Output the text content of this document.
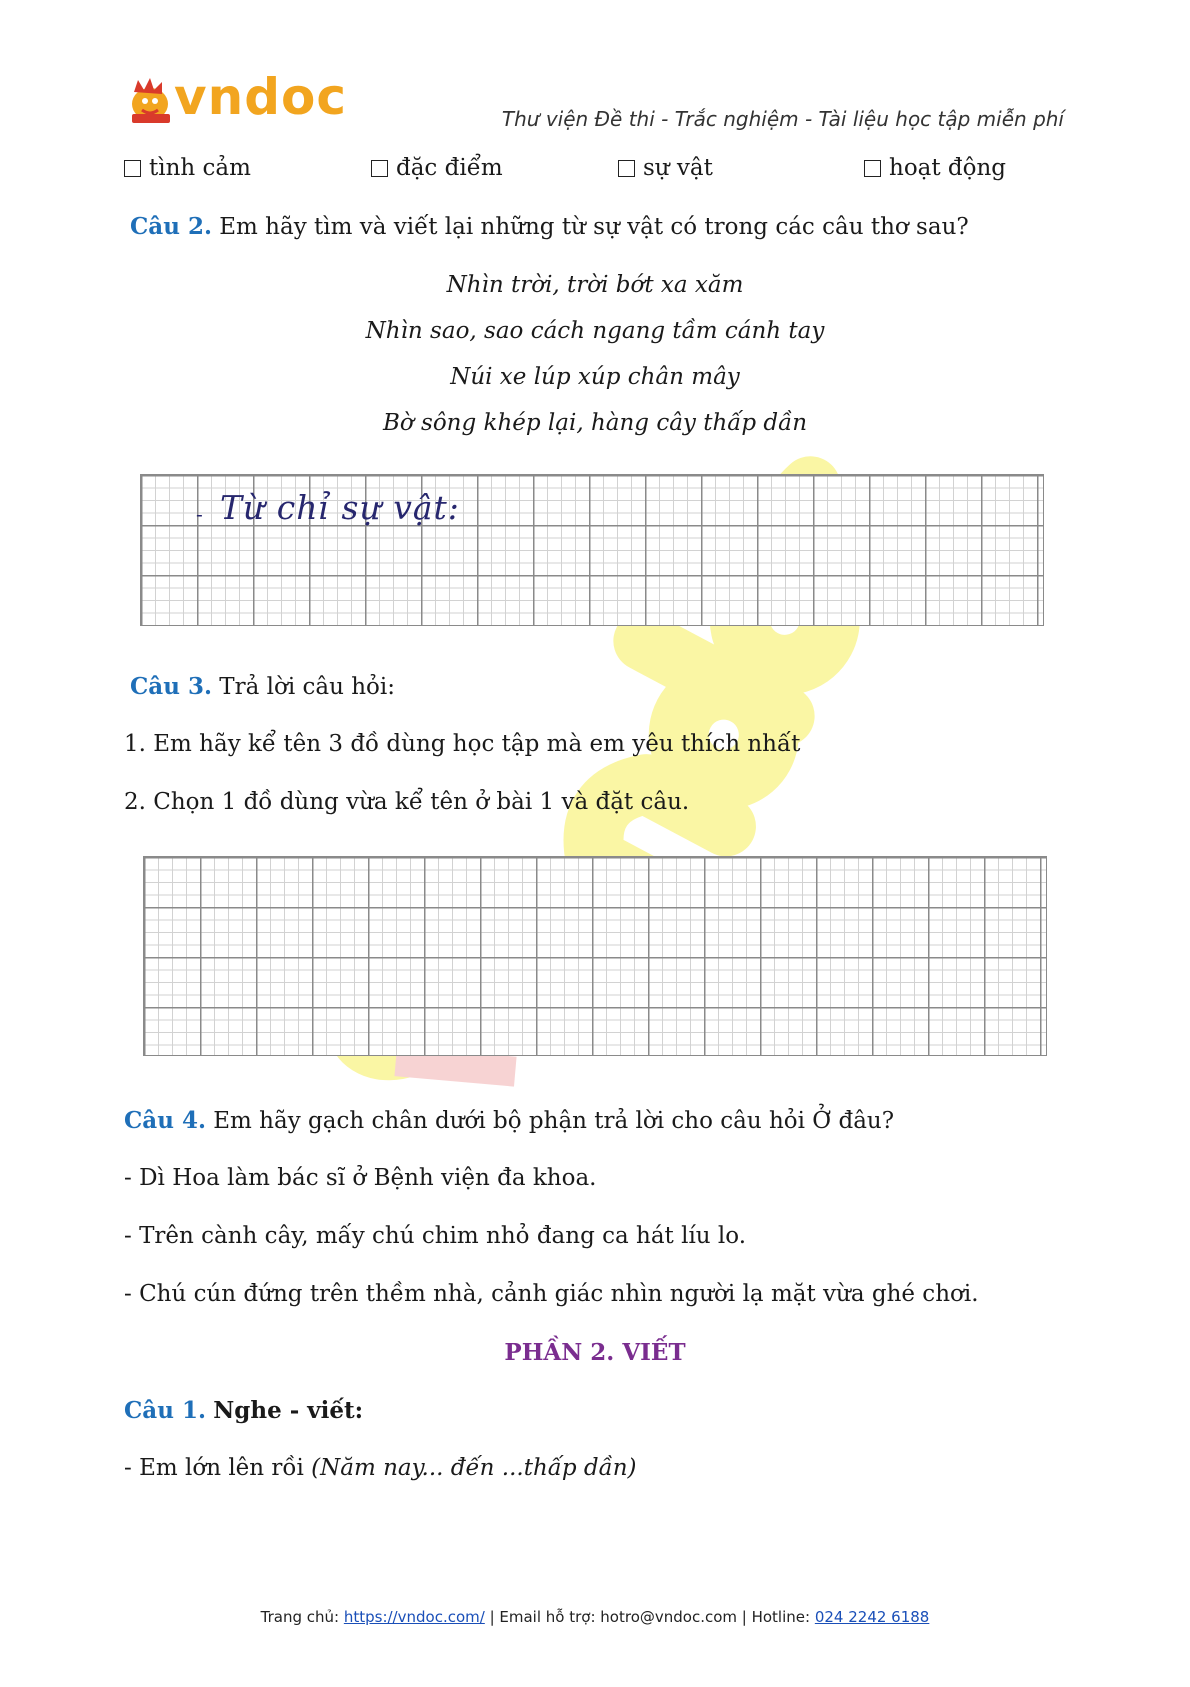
vndoc	Thư viện Đề thi - Trắc nghiệm - Tài liệu học tập miễn phí
tình cảm	đặc điểm	sự vật	hoạt động
Câu 2. Em hãy tìm và viết lại những từ sự vật có trong các câu thơ sau?
Nhìn trời, trời bớt xa xăm
Nhìn sao, sao cách ngang tầm cánh tay
Núi xe lúp xúp chân mây
Bờ sông khép lại, hàng cây thấp dần
- Từ chỉ sự vật:
Câu 3. Trả lời câu hỏi:
1. Em hãy kể tên 3 đồ dùng học tập mà em yêu thích nhất
2. Chọn 1 đồ dùng vừa kể tên ở bài 1 và đặt câu.
Câu 4. Em hãy gạch chân dưới bộ phận trả lời cho câu hỏi Ở đâu?
- Dì Hoa làm bác sĩ ở Bệnh viện đa khoa.
- Trên cành cây, mấy chú chim nhỏ đang ca hát líu lo.
- Chú cún đứng trên thềm nhà, cảnh giác nhìn người lạ mặt vừa ghé chơi.
PHẦN 2. VIẾT
Câu 1. Nghe - viết:
- Em lớn lên rồi (Năm nay... đến ...thấp dần)
Trang chủ: https://vndoc.com/ | Email hỗ trợ: hotro@vndoc.com | Hotline: 024 2242 6188
